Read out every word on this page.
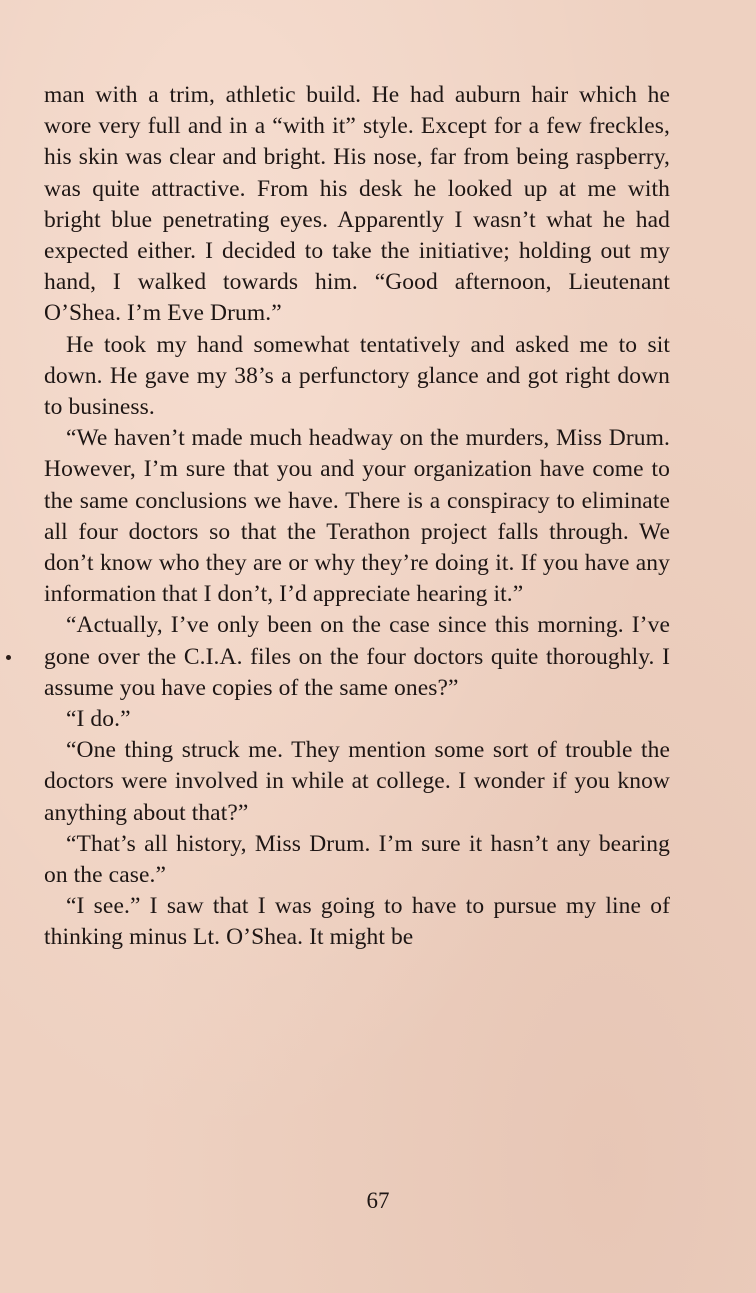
man with a trim, athletic build. He had auburn hair which he wore very full and in a “with it” style. Except for a few freckles, his skin was clear and bright. His nose, far from being raspberry, was quite attractive. From his desk he looked up at me with bright blue penetrating eyes. Apparently I wasn’t what he had expected either. I decided to take the initiative; holding out my hand, I walked towards him. “Good afternoon, Lieutenant O’Shea. I’m Eve Drum.”

He took my hand somewhat tentatively and asked me to sit down. He gave my 38’s a perfunctory glance and got right down to business.

“We haven’t made much headway on the murders, Miss Drum. However, I’m sure that you and your organization have come to the same conclusions we have. There is a conspiracy to eliminate all four doctors so that the Terathon project falls through. We don’t know who they are or why they’re doing it. If you have any information that I don’t, I’d appreciate hearing it.”

“Actually, I’ve only been on the case since this morning. I’ve gone over the C.I.A. files on the four doctors quite thoroughly. I assume you have copies of the same ones?”

“I do.”

“One thing struck me. They mention some sort of trouble the doctors were involved in while at college. I wonder if you know anything about that?”

“That’s all history, Miss Drum. I’m sure it hasn’t any bearing on the case.”

“I see.” I saw that I was going to have to pursue my line of thinking minus Lt. O’Shea. It might be

67
